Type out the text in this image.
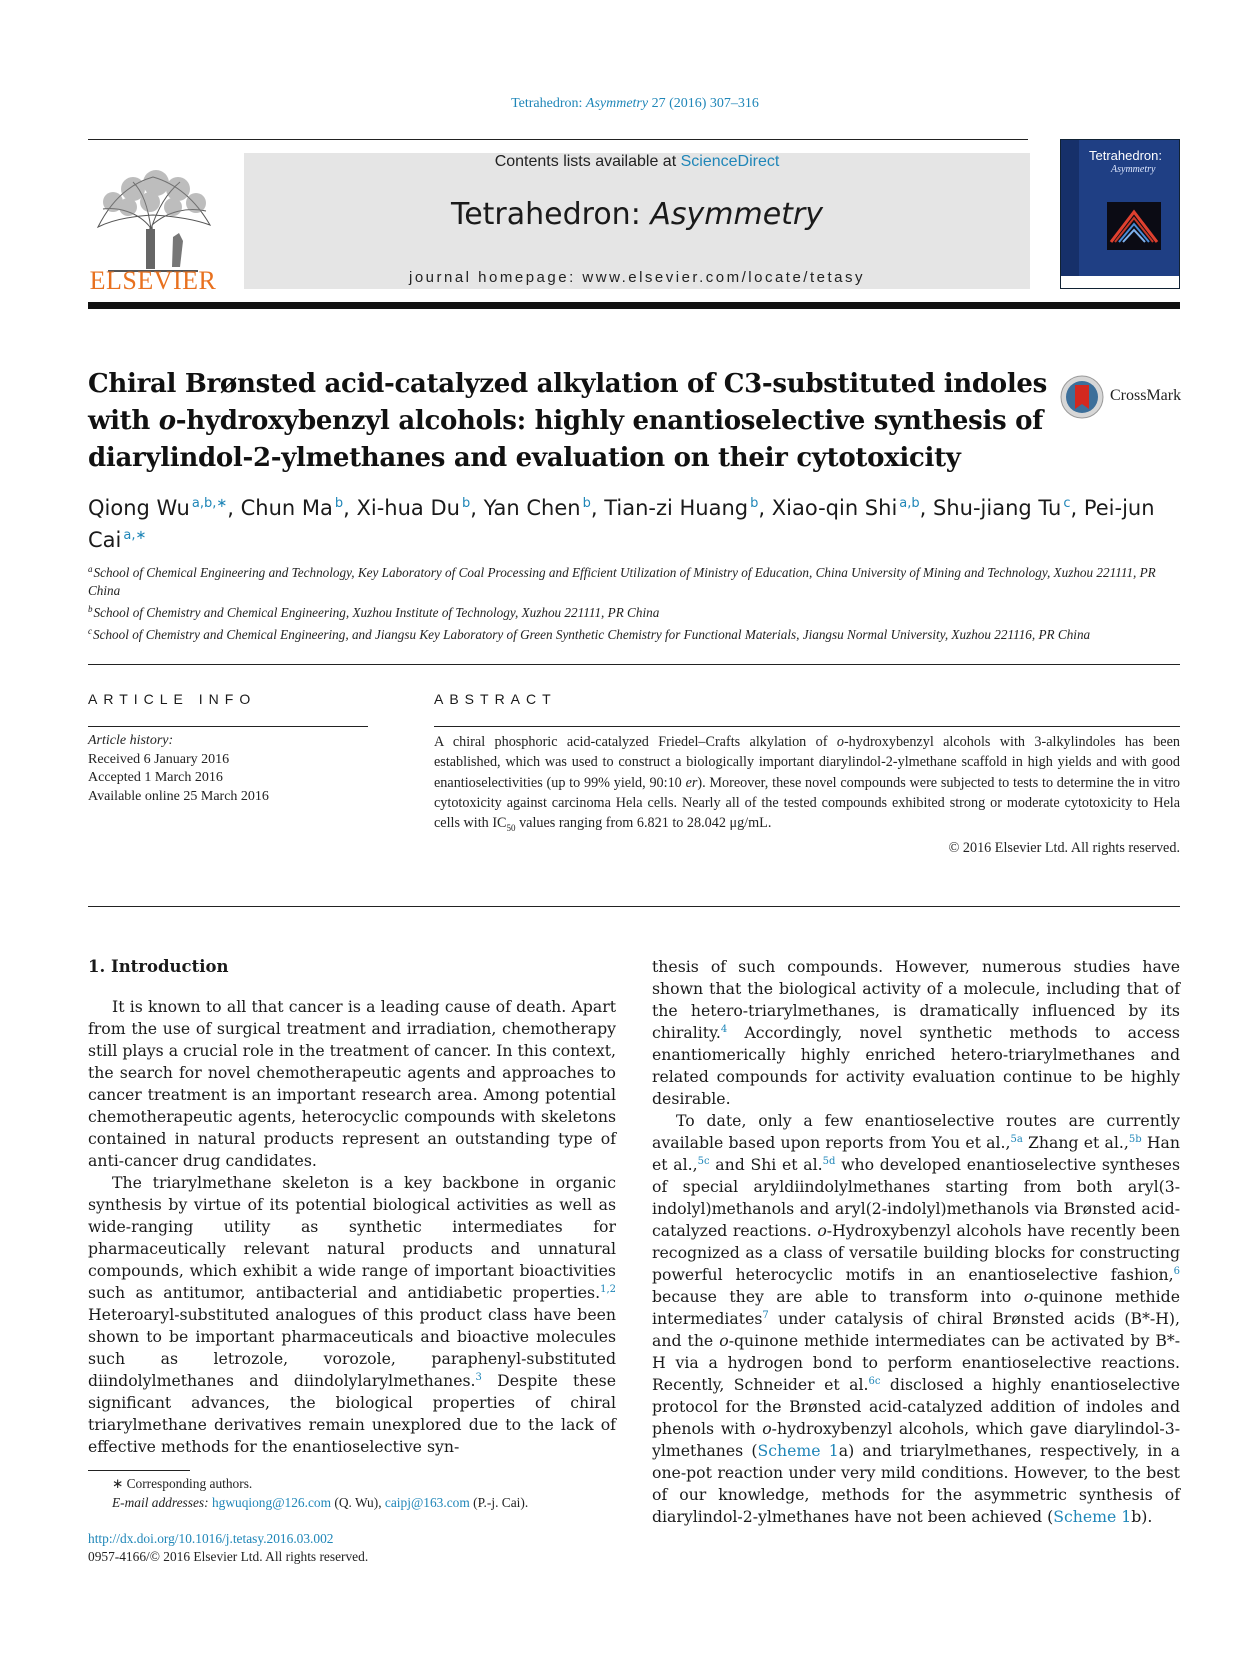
Tetrahedron: Asymmetry 27 (2016) 307–316
ELSEVIER
Contents lists available at ScienceDirect
Tetrahedron: Asymmetry
journal homepage: www.elsevier.com/locate/tetasy
Tetrahedron:
Asymmetry
Chiral Brønsted acid-catalyzed alkylation of C3-substituted indoles with o-hydroxybenzyl alcohols: highly enantioselective synthesis of diarylindol-2-ylmethanes and evaluation on their cytotoxicity
CrossMark
Qiong Wu $^{a,b,∗}$, Chun Ma $^b$, Xi-hua Du $^b$, Yan Chen $^b$, Tian-zi Huang $^b$, Xiao-qin Shi $^{a,b}$, Shu-jiang Tu $^c$, Pei-jun Cai $^{a,∗}$
$^a$School of Chemical Engineering and Technology, Key Laboratory of Coal Processing and Efficient Utilization of Ministry of Education, China University of Mining and Technology, Xuzhou 221111, PR China
$^b$School of Chemistry and Chemical Engineering, Xuzhou Institute of Technology, Xuzhou 221111, PR China
$^c$School of Chemistry and Chemical Engineering, and Jiangsu Key Laboratory of Green Synthetic Chemistry for Functional Materials, Jiangsu Normal University, Xuzhou 221116, PR China
ARTICLE INFO	ABSTRACT
Article history:
Received 6 January 2016
Accepted 1 March 2016
Available online 25 March 2016

A chiral phosphoric acid-catalyzed Friedel–Crafts alkylation of o-hydroxybenzyl alcohols with 3-alkylindoles has been established, which was used to construct a biologically important diarylindol-2-ylmethane scaffold in high yields and with good enantioselectivities (up to 99% yield, 90:10 er). Moreover, these novel compounds were subjected to tests to determine the in vitro cytotoxicity against carcinoma Hela cells. Nearly all of the tested compounds exhibited strong or moderate cytotoxicity to Hela cells with $IC_{50}$ values ranging from 6.821 to 28.042 μg/mL.

© 2016 Elsevier Ltd. All rights reserved.

1. Introduction

It is known to all that cancer is a leading cause of death. Apart from the use of surgical treatment and irradiation, chemotherapy still plays a crucial role in the treatment of cancer. In this context, the search for novel chemotherapeutic agents and approaches to cancer treatment is an important research area. Among potential chemotherapeutic agents, heterocyclic compounds with skeletons contained in natural products represent an outstanding type of anti-cancer drug candidates.

The triarylmethane skeleton is a key backbone in organic synthesis by virtue of its potential biological activities as well as wide-ranging utility as synthetic intermediates for pharmaceutically relevant natural products and unnatural compounds, which exhibit a wide range of important bioactivities such as antitumor, antibacterial and antidiabetic properties.$^{1,2}$ Heteroaryl-substituted analogues of this product class have been shown to be important pharmaceuticals and bioactive molecules such as letrozole, vorozole, paraphenyl-substituted diindolylmethanes and diindolylarylmethanes.$^3$ Despite these significant advances, the biological properties of chiral triarylmethane derivatives remain unexplored due to the lack of effective methods for the enantioselective syn-

thesis of such compounds. However, numerous studies have shown that the biological activity of a molecule, including that of the hetero-triarylmethanes, is dramatically influenced by its chirality.$^4$ Accordingly, novel synthetic methods to access enantiomerically highly enriched hetero-triarylmethanes and related compounds for activity evaluation continue to be highly desirable.

To date, only a few enantioselective routes are currently available based upon reports from You et al.,$^{5a}$ Zhang et al.,$^{5b}$ Han et al.,$^{5c}$ and Shi et al.$^{5d}$ who developed enantioselective syntheses of special aryldiindolylmethanes starting from both aryl(3-indolyl)methanols and aryl(2-indolyl)methanols via Brønsted acid-catalyzed reactions. o-Hydroxybenzyl alcohols have recently been recognized as a class of versatile building blocks for constructing powerful heterocyclic motifs in an enantioselective fashion,$^6$ because they are able to transform into o-quinone methide intermediates$^7$ under catalysis of chiral Brønsted acids (B*-H), and the o-quinone methide intermediates can be activated by B*-H via a hydrogen bond to perform enantioselective reactions. Recently, Schneider et al.$^{6c}$ disclosed a highly enantioselective protocol for the Brønsted acid-catalyzed addition of indoles and phenols with o-hydroxybenzyl alcohols, which gave diarylindol-3-ylmethanes (Scheme 1a) and triarylmethanes, respectively, in a one-pot reaction under very mild conditions. However, to the best of our knowledge, methods for the asymmetric synthesis of diarylindol-2-ylmethanes have not been achieved (Scheme 1b).

∗ Corresponding authors.
E-mail addresses: hgwuqiong@126.com (Q. Wu), caipj@163.com (P.-j. Cai).
http://dx.doi.org/10.1016/j.tetasy.2016.03.002
0957-4166/© 2016 Elsevier Ltd. All rights reserved.
